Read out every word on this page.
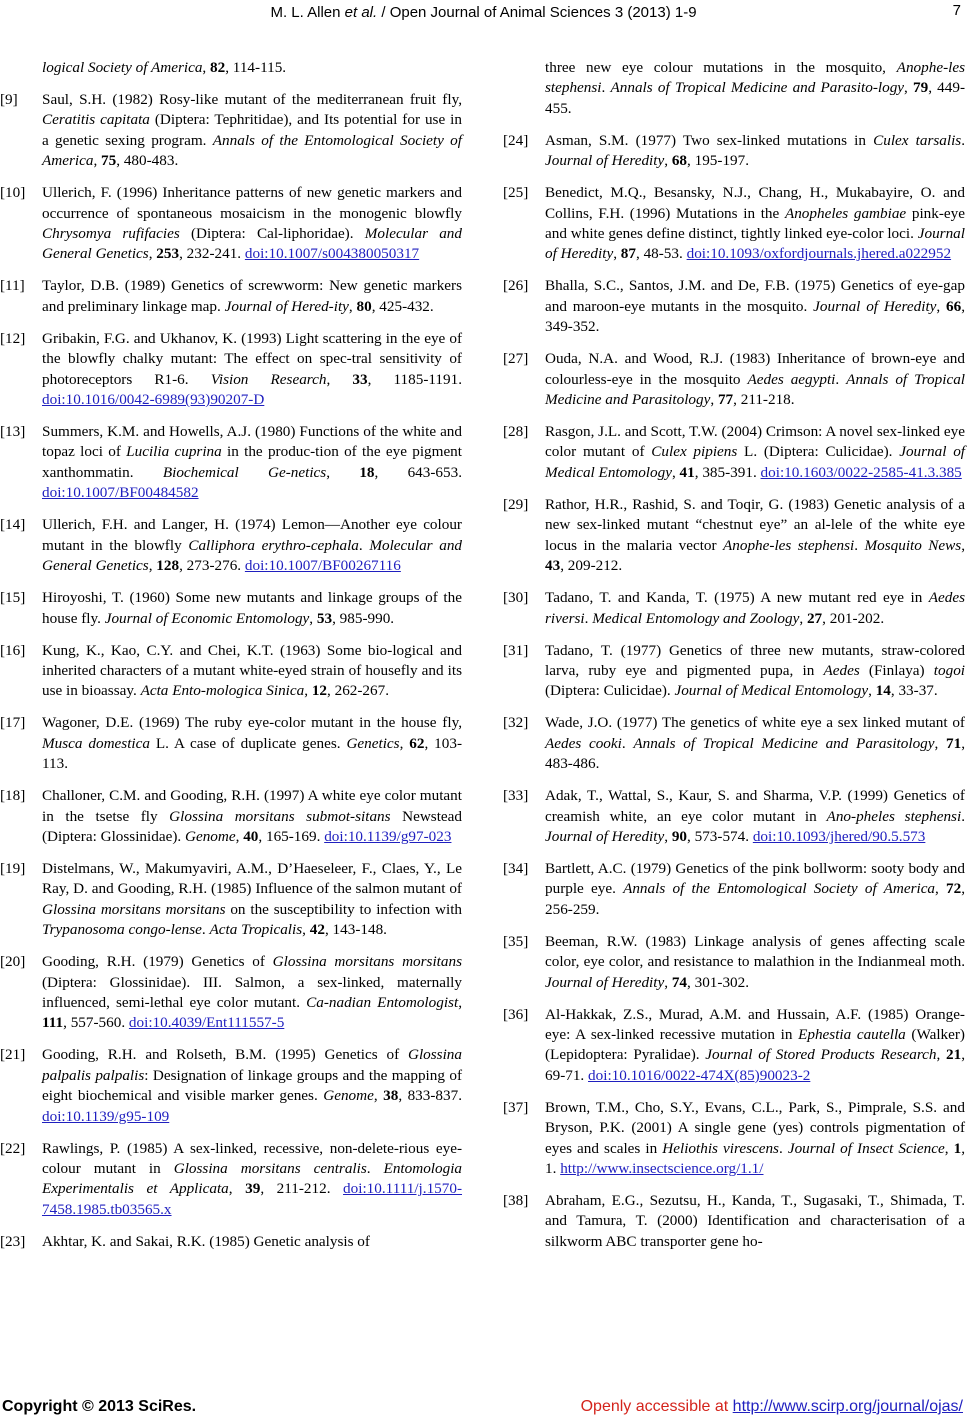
M. L. Allen et al. / Open Journal of Animal Sciences 3 (2013) 1-9	7
logical Society of America, 82, 114-115.
[9] Saul, S.H. (1982) Rosy-like mutant of the mediterranean fruit fly, Ceratitis capitata (Diptera: Tephritidae), and Its potential for use in a genetic sexing program. Annals of the Entomological Society of America, 75, 480-483.
[10] Ullerich, F. (1996) Inheritance patterns of new genetic markers and occurrence of spontaneous mosaicism in the monogenic blowfly Chrysomya rufifacies (Diptera: Cal-liphoridae). Molecular and General Genetics, 253, 232-241. doi:10.1007/s004380050317
[11] Taylor, D.B. (1989) Genetics of screwworm: New genetic markers and preliminary linkage map. Journal of Hered-ity, 80, 425-432.
[12] Gribakin, F.G. and Ukhanov, K. (1993) Light scattering in the eye of the blowfly chalky mutant: The effect on spec-tral sensitivity of photoreceptors R1-6. Vision Research, 33, 1185-1191. doi:10.1016/0042-6989(93)90207-D
[13] Summers, K.M. and Howells, A.J. (1980) Functions of the white and topaz loci of Lucilia cuprina in the produc-tion of the eye pigment xanthommatin. Biochemical Ge-netics, 18, 643-653. doi:10.1007/BF00484582
[14] Ullerich, F.H. and Langer, H. (1974) Lemon—Another eye colour mutant in the blowfly Calliphora erythro-cephala. Molecular and General Genetics, 128, 273-276. doi:10.1007/BF00267116
[15] Hiroyoshi, T. (1960) Some new mutants and linkage groups of the house fly. Journal of Economic Entomology, 53, 985-990.
[16] Kung, K., Kao, C.Y. and Chei, K.T. (1963) Some bio-logical and inherited characters of a mutant white-eyed strain of housefly and its use in bioassay. Acta Ento-mologica Sinica, 12, 262-267.
[17] Wagoner, D.E. (1969) The ruby eye-color mutant in the house fly, Musca domestica L. A case of duplicate genes. Genetics, 62, 103-113.
[18] Challoner, C.M. and Gooding, R.H. (1997) A white eye color mutant in the tsetse fly Glossina morsitans submot-sitans Newstead (Diptera: Glossinidae). Genome, 40, 165-169. doi:10.1139/g97-023
[19] Distelmans, W., Makumyaviri, A.M., D’Haeseleer, F., Claes, Y., Le Ray, D. and Gooding, R.H. (1985) Influence of the salmon mutant of Glossina morsitans morsitans on the susceptibility to infection with Trypanosoma congo-lense. Acta Tropicalis, 42, 143-148.
[20] Gooding, R.H. (1979) Genetics of Glossina morsitans morsitans (Diptera: Glossinidae). III. Salmon, a sex-linked, maternally influenced, semi-lethal eye color mutant. Ca-nadian Entomologist, 111, 557-560. doi:10.4039/Ent111557-5
[21] Gooding, R.H. and Rolseth, B.M. (1995) Genetics of Glossina palpalis palpalis: Designation of linkage groups and the mapping of eight biochemical and visible marker genes. Genome, 38, 833-837. doi:10.1139/g95-109
[22] Rawlings, P. (1985) A sex-linked, recessive, non-delete-rious eye-colour mutant in Glossina morsitans centralis. Entomologia Experimentalis et Applicata, 39, 211-212. doi:10.1111/j.1570-7458.1985.tb03565.x
[23] Akhtar, K. and Sakai, R.K. (1985) Genetic analysis of
three new eye colour mutations in the mosquito, Anophe-les stephensi. Annals of Tropical Medicine and Parasito-logy, 79, 449-455.
[24] Asman, S.M. (1977) Two sex-linked mutations in Culex tarsalis. Journal of Heredity, 68, 195-197.
[25] Benedict, M.Q., Besansky, N.J., Chang, H., Mukabayire, O. and Collins, F.H. (1996) Mutations in the Anopheles gambiae pink-eye and white genes define distinct, tightly linked eye-color loci. Journal of Heredity, 87, 48-53. doi:10.1093/oxfordjournals.jhered.a022952
[26] Bhalla, S.C., Santos, J.M. and De, F.B. (1975) Genetics of eye-gap and maroon-eye mutants in the mosquito. Journal of Heredity, 66, 349-352.
[27] Ouda, N.A. and Wood, R.J. (1983) Inheritance of brown-eye and colourless-eye in the mosquito Aedes aegypti. Annals of Tropical Medicine and Parasitology, 77, 211-218.
[28] Rasgon, J.L. and Scott, T.W. (2004) Crimson: A novel sex-linked eye color mutant of Culex pipiens L. (Diptera: Culicidae). Journal of Medical Entomology, 41, 385-391. doi:10.1603/0022-2585-41.3.385
[29] Rathor, H.R., Rashid, S. and Toqir, G. (1983) Genetic analysis of a new sex-linked mutant “chestnut eye” an al-lele of the white eye locus in the malaria vector Anophe-les stephensi. Mosquito News, 43, 209-212.
[30] Tadano, T. and Kanda, T. (1975) A new mutant red eye in Aedes riversi. Medical Entomology and Zoology, 27, 201-202.
[31] Tadano, T. (1977) Genetics of three new mutants, straw-colored larva, ruby eye and pigmented pupa, in Aedes (Finlaya) togoi (Diptera: Culicidae). Journal of Medical Entomology, 14, 33-37.
[32] Wade, J.O. (1977) The genetics of white eye a sex linked mutant of Aedes cooki. Annals of Tropical Medicine and Parasitology, 71, 483-486.
[33] Adak, T., Wattal, S., Kaur, S. and Sharma, V.P. (1999) Genetics of creamish white, an eye color mutant in Ano-pheles stephensi. Journal of Heredity, 90, 573-574. doi:10.1093/jhered/90.5.573
[34] Bartlett, A.C. (1979) Genetics of the pink bollworm: sooty body and purple eye. Annals of the Entomological Society of America, 72, 256-259.
[35] Beeman, R.W. (1983) Linkage analysis of genes affecting scale color, eye color, and resistance to malathion in the Indianmeal moth. Journal of Heredity, 74, 301-302.
[36] Al-Hakkak, Z.S., Murad, A.M. and Hussain, A.F. (1985) Orange-eye: A sex-linked recessive mutation in Ephestia cautella (Walker) (Lepidoptera: Pyralidae). Journal of Stored Products Research, 21, 69-71. doi:10.1016/0022-474X(85)90023-2
[37] Brown, T.M., Cho, S.Y., Evans, C.L., Park, S., Pimprale, S.S. and Bryson, P.K. (2001) A single gene (yes) controls pigmentation of eyes and scales in Heliothis virescens. Journal of Insect Science, 1, 1. http://www.insectscience.org/1.1/
[38] Abraham, E.G., Sezutsu, H., Kanda, T., Sugasaki, T., Shimada, T. and Tamura, T. (2000) Identification and characterisation of a silkworm ABC transporter gene ho-
Copyright © 2013 SciRes.	Openly accessible at http://www.scirp.org/journal/ojas/
